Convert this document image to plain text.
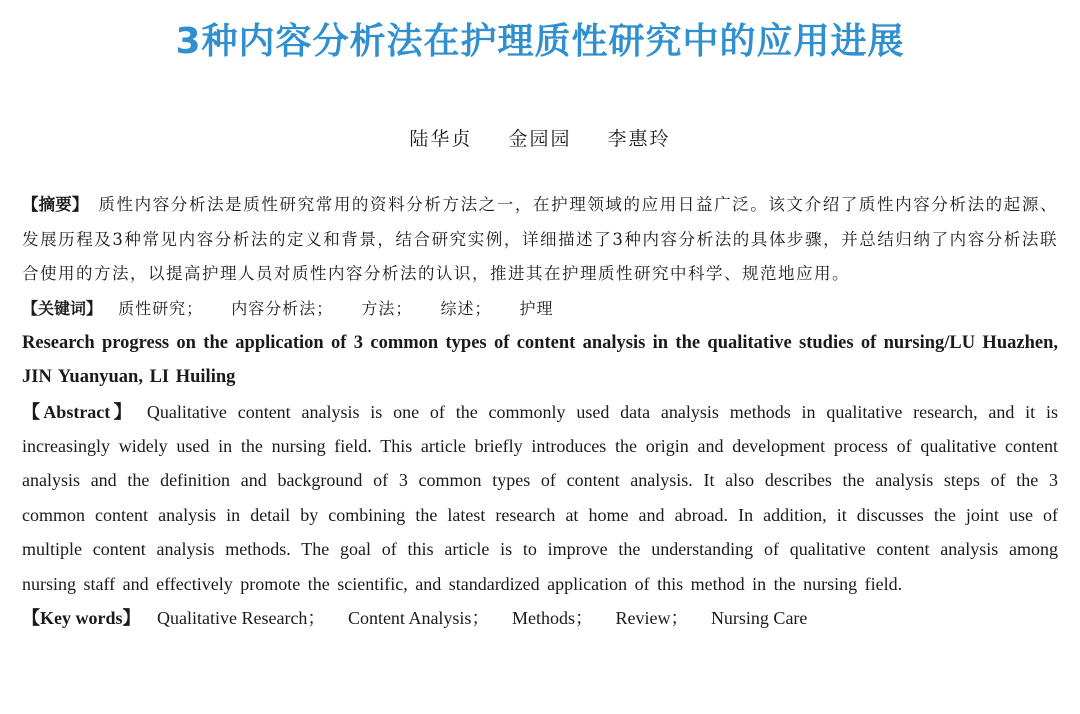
3种内容分析法在护理质性研究中的应用进展
陆华贞 金园园 李惠玲
【摘要】 质性内容分析法是质性研究常用的资料分析方法之一，在护理领域的应用日益广泛。该文介绍了质性内容分析法的起源、发展历程及3种常见内容分析法的定义和背景，结合研究实例，详细描述了3种内容分析法的具体步骤，并总结归纳了内容分析法联合使用的方法，以提高护理人员对质性内容分析法的认识，推进其在护理质性研究中科学、规范地应用。
【关键词】 质性研究； 内容分析法； 方法； 综述； 护理
Research progress on the application of 3 common types of content analysis in the qualitative studies of nursing/LU Huazhen, JIN Yuanyuan, LI Huiling
【Abstract】 Qualitative content analysis is one of the commonly used data analysis methods in qualitative research, and it is increasingly widely used in the nursing field. This article briefly introduces the origin and development process of qualitative content analysis and the definition and background of 3 common types of content analysis. It also describes the analysis steps of the 3 common content analysis in detail by combining the latest research at home and abroad. In addition, it discusses the joint use of multiple content analysis methods. The goal of this article is to improve the understanding of qualitative content analysis among nursing staff and effectively promote the scientific, and standardized application of this method in the nursing field.
【Key words】 Qualitative Research； Content Analysis； Methods； Review； Nursing Care
